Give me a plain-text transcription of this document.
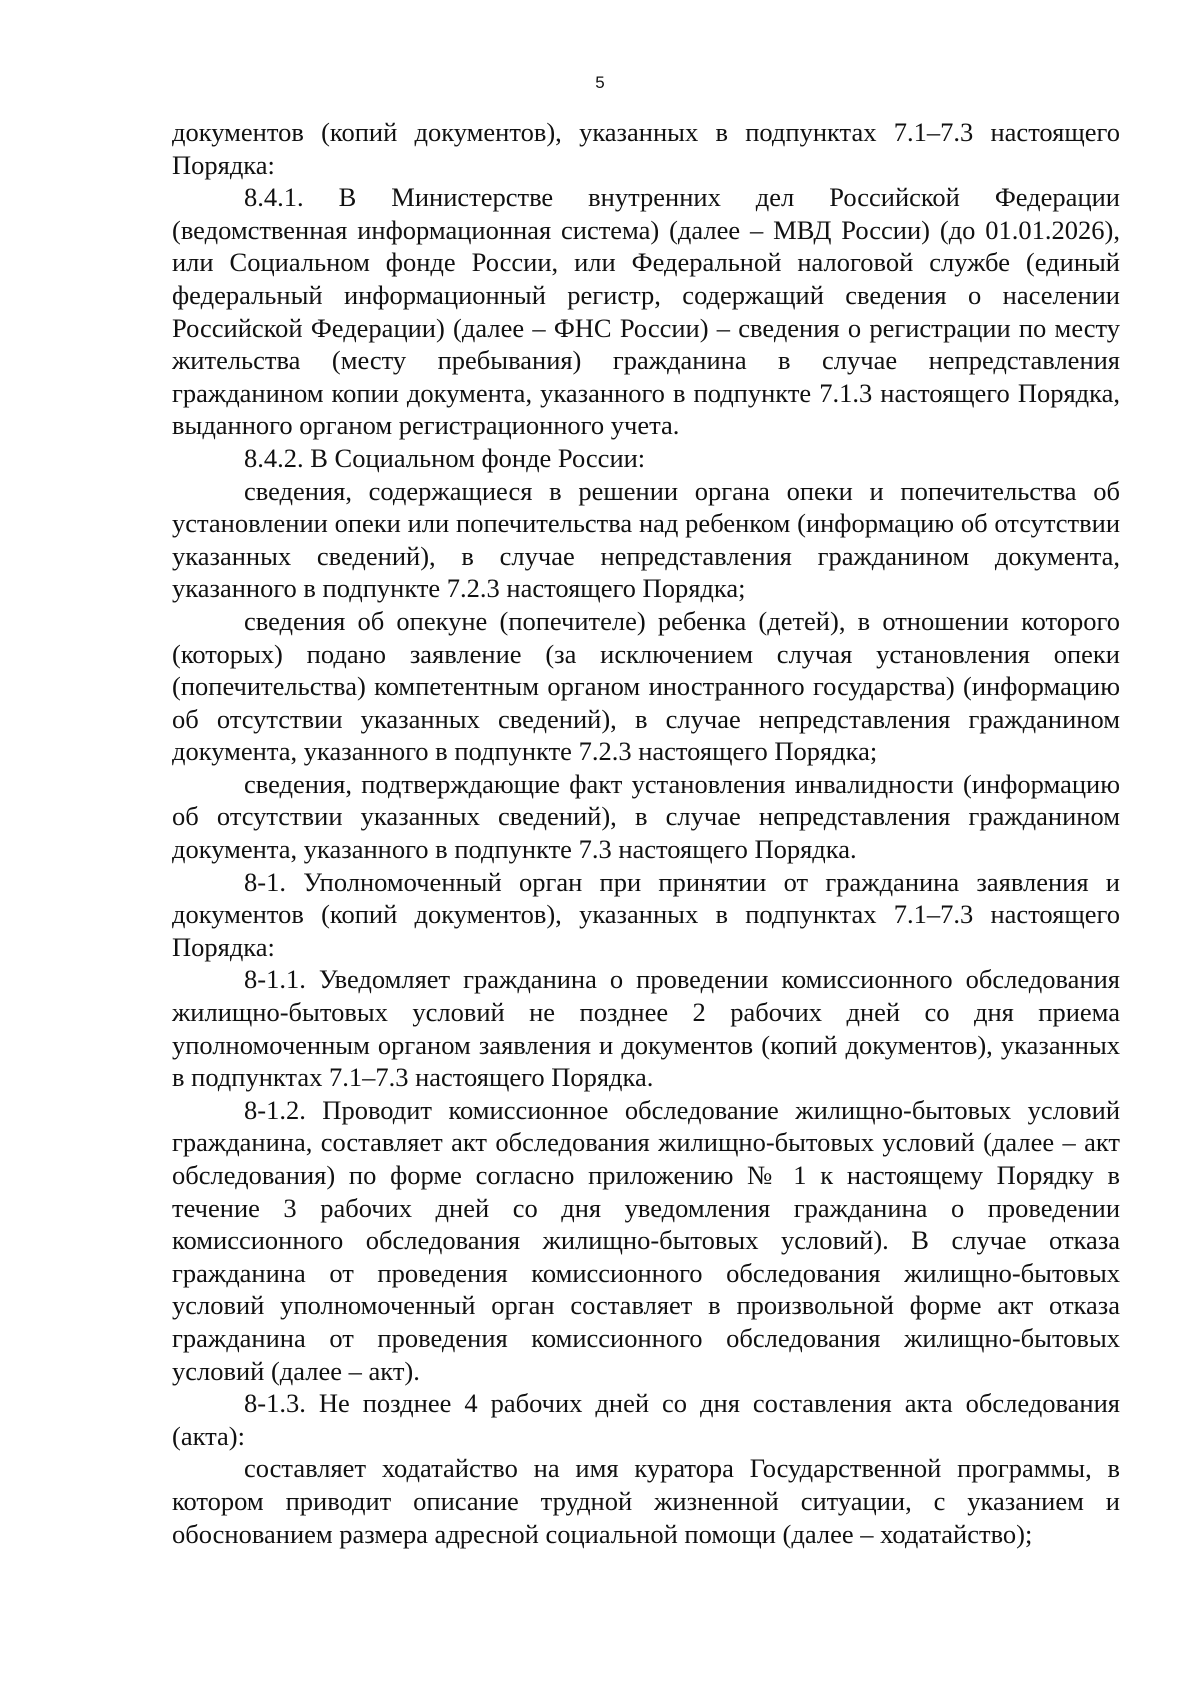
5

документов (копий документов), указанных в подпунктах 7.1–7.3 настоящего Порядка:

8.4.1. В Министерстве внутренних дел Российской Федерации (ведомственная информационная система) (далее – МВД России) (до 01.01.2026), или Социальном фонде России, или Федеральной налоговой службе (единый федеральный информационный регистр, содержащий сведения о населении Российской Федерации) (далее – ФНС России) – сведения о регистрации по месту жительства (месту пребывания) гражданина в случае непредставления гражданином копии документа, указанного в подпункте 7.1.3 настоящего Порядка, выданного органом регистрационного учета.

8.4.2. В Социальном фонде России:

сведения, содержащиеся в решении органа опеки и попечительства об установлении опеки или попечительства над ребенком (информацию об отсутствии указанных сведений), в случае непредставления гражданином документа, указанного в подпункте 7.2.3 настоящего Порядка;

сведения об опекуне (попечителе) ребенка (детей), в отношении которого (которых) подано заявление (за исключением случая установления опеки (попечительства) компетентным органом иностранного государства) (информацию об отсутствии указанных сведений), в случае непредставления гражданином документа, указанного в подпункте 7.2.3 настоящего Порядка;

сведения, подтверждающие факт установления инвалидности (информацию об отсутствии указанных сведений), в случае непредставления гражданином документа, указанного в подпункте 7.3 настоящего Порядка.

8-1. Уполномоченный орган при принятии от гражданина заявления и документов (копий документов), указанных в подпунктах 7.1–7.3 настоящего Порядка:

8-1.1. Уведомляет гражданина о проведении комиссионного обследования жилищно-бытовых условий не позднее 2 рабочих дней со дня приема уполномоченным органом заявления и документов (копий документов), указанных в подпунктах 7.1–7.3 настоящего Порядка.

8-1.2. Проводит комиссионное обследование жилищно-бытовых условий гражданина, составляет акт обследования жилищно-бытовых условий (далее – акт обследования) по форме согласно приложению № 1 к настоящему Порядку в течение 3 рабочих дней со дня уведомления гражданина о проведении комиссионного обследования жилищно-бытовых условий). В случае отказа гражданина от проведения комиссионного обследования жилищно-бытовых условий уполномоченный орган составляет в произвольной форме акт отказа гражданина от проведения комиссионного обследования жилищно-бытовых условий (далее – акт).

8-1.3. Не позднее 4 рабочих дней со дня составления акта обследования (акта):

составляет ходатайство на имя куратора Государственной программы, в котором приводит описание трудной жизненной ситуации, с указанием и обоснованием размера адресной социальной помощи (далее – ходатайство);
